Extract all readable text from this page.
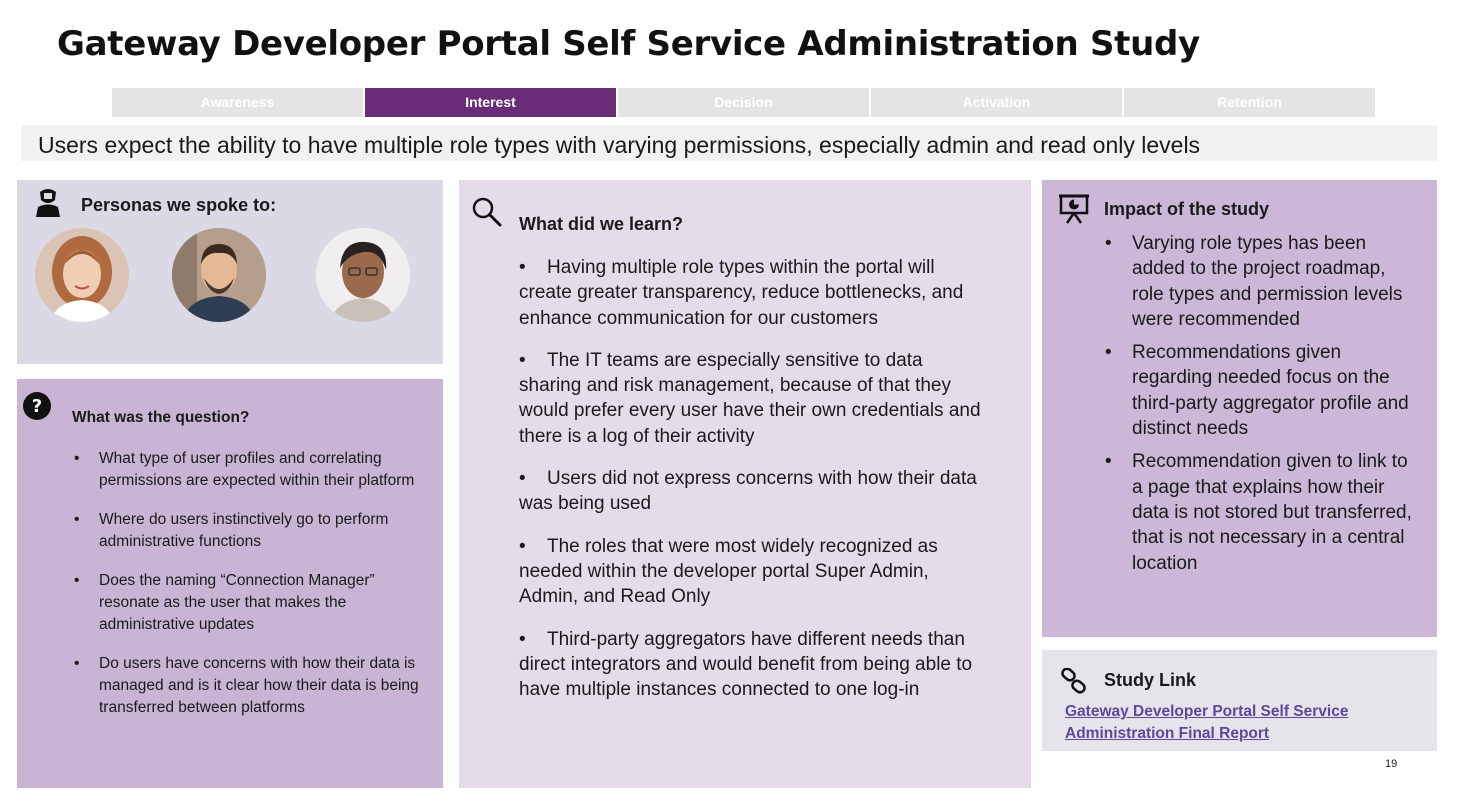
Gateway Developer Portal Self Service Administration Study
Awareness	Interest	Decision	Activation	Retention
Users expect the ability to have multiple role types with varying permissions, especially admin and read only levels
Personas we spoke to:
?
What was the question?
• What type of user profiles and correlating permissions are expected within their platform
• Where do users instinctively go to perform administrative functions
• Does the naming “Connection Manager” resonate as the user that makes the administrative updates
• Do users have concerns with how their data is managed and is it clear how their data is being transferred between platforms
What did we learn?
• Having multiple role types within the portal will create greater transparency, reduce bottlenecks, and enhance communication for our customers
• The IT teams are especially sensitive to data sharing and risk management, because of that they would prefer every user have their own credentials and there is a log of their activity
• Users did not express concerns with how their data was being used
• The roles that were most widely recognized as needed within the developer portal Super Admin, Admin, and Read Only
• Third-party aggregators have different needs than direct integrators and would benefit from being able to have multiple instances connected to one log-in
Impact of the study
• Varying role types has been added to the project roadmap, role types and permission levels were recommended
• Recommendations given regarding needed focus on the third-party aggregator profile and distinct needs
• Recommendation given to link to a page that explains how their data is not stored but transferred, that is not necessary in a central location
Study Link
Gateway Developer Portal Self Service Administration Final Report
19
